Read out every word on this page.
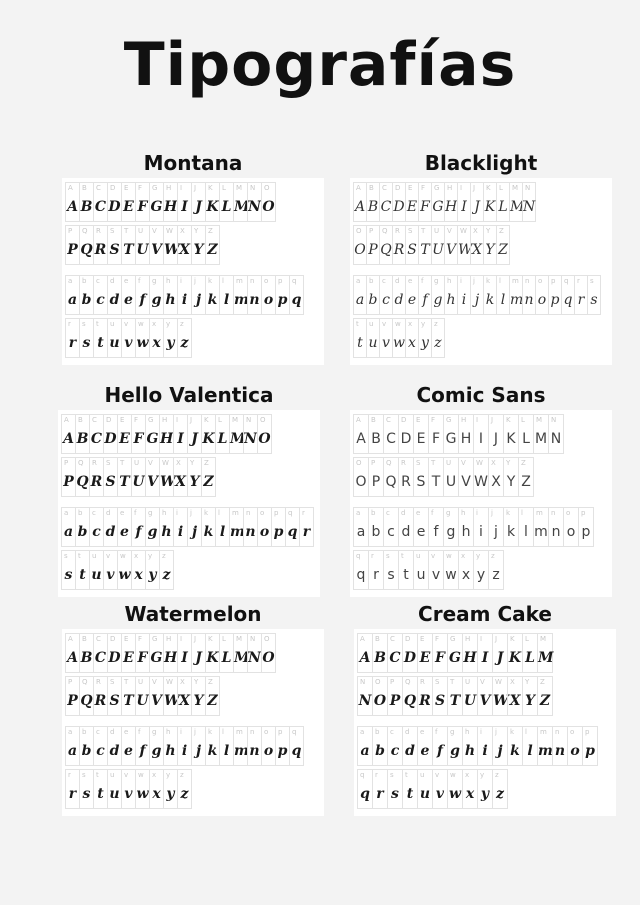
Tipografías
Montana
A
A
B
B
C
C
D
D
E
E
F
F
G
G
H
H
I
I
J
J
K
K
L
L
M
M
N
N
O
O
P
P
Q
Q
R
R
S
S
T
T
U
U
V
V
W
W
X
X
Y
Y
Z
Z
a
a
b
b
c
c
d
d
e
e
f
f
g
g
h
h
i
i
j
j
k
k
l
l
m
m
n
n
o
o
p
p
q
q
r
r
s
s
t
t
u
u
v
v
w
w
x
x
y
y
z
z
Blacklight
A
A
B
B
C
C
D
D
E
E
F
F
G
G
H
H
I
I
J
J
K
K
L
L
M
M
N
N
O
O
P
P
Q
Q
R
R
S
S
T
T
U
U
V
V
W
W
X
X
Y
Y
Z
Z
a
a
b
b
c
c
d
d
e
e
f
f
g
g
h
h
i
i
j
j
k
k
l
l
m
m
n
n
o
o
p
p
q
q
r
r
s
s
t
t
u
u
v
v
w
w
x
x
y
y
z
z
Hello Valentica
A
A
B
B
C
C
D
D
E
E
F
F
G
G
H
H
I
I
J
J
K
K
L
L
M
M
N
N
O
O
P
P
Q
Q
R
R
S
S
T
T
U
U
V
V
W
W
X
X
Y
Y
Z
Z
a
a
b
b
c
c
d
d
e
e
f
f
g
g
h
h
i
i
j
j
k
k
l
l
m
m
n
n
o
o
p
p
q
q
r
r
s
s
t
t
u
u
v
v
w
w
x
x
y
y
z
z
Comic Sans
A
A
B
B
C
C
D
D
E
E
F
F
G
G
H
H
I
I
J
J
K
K
L
L
M
M
N
N
O
O
P
P
Q
Q
R
R
S
S
T
T
U
U
V
V
W
W
X
X
Y
Y
Z
Z
a
a
b
b
c
c
d
d
e
e
f
f
g
g
h
h
i
i
j
j
k
k
l
l
m
m
n
n
o
o
p
p
q
q
r
r
s
s
t
t
u
u
v
v
w
w
x
x
y
y
z
z
Watermelon
A
A
B
B
C
C
D
D
E
E
F
F
G
G
H
H
I
I
J
J
K
K
L
L
M
M
N
N
O
O
P
P
Q
Q
R
R
S
S
T
T
U
U
V
V
W
W
X
X
Y
Y
Z
Z
a
a
b
b
c
c
d
d
e
e
f
f
g
g
h
h
i
i
j
j
k
k
l
l
m
m
n
n
o
o
p
p
q
q
r
r
s
s
t
t
u
u
v
v
w
w
x
x
y
y
z
z
Cream Cake
A
A
B
B
C
C
D
D
E
E
F
F
G
G
H
H
I
I
J
J
K
K
L
L
M
M
N
N
O
O
P
P
Q
Q
R
R
S
S
T
T
U
U
V
V
W
W
X
X
Y
Y
Z
Z
a
a
b
b
c
c
d
d
e
e
f
f
g
g
h
h
i
i
j
j
k
k
l
l
m
m
n
n
o
o
p
p
q
q
r
r
s
s
t
t
u
u
v
v
w
w
x
x
y
y
z
z
